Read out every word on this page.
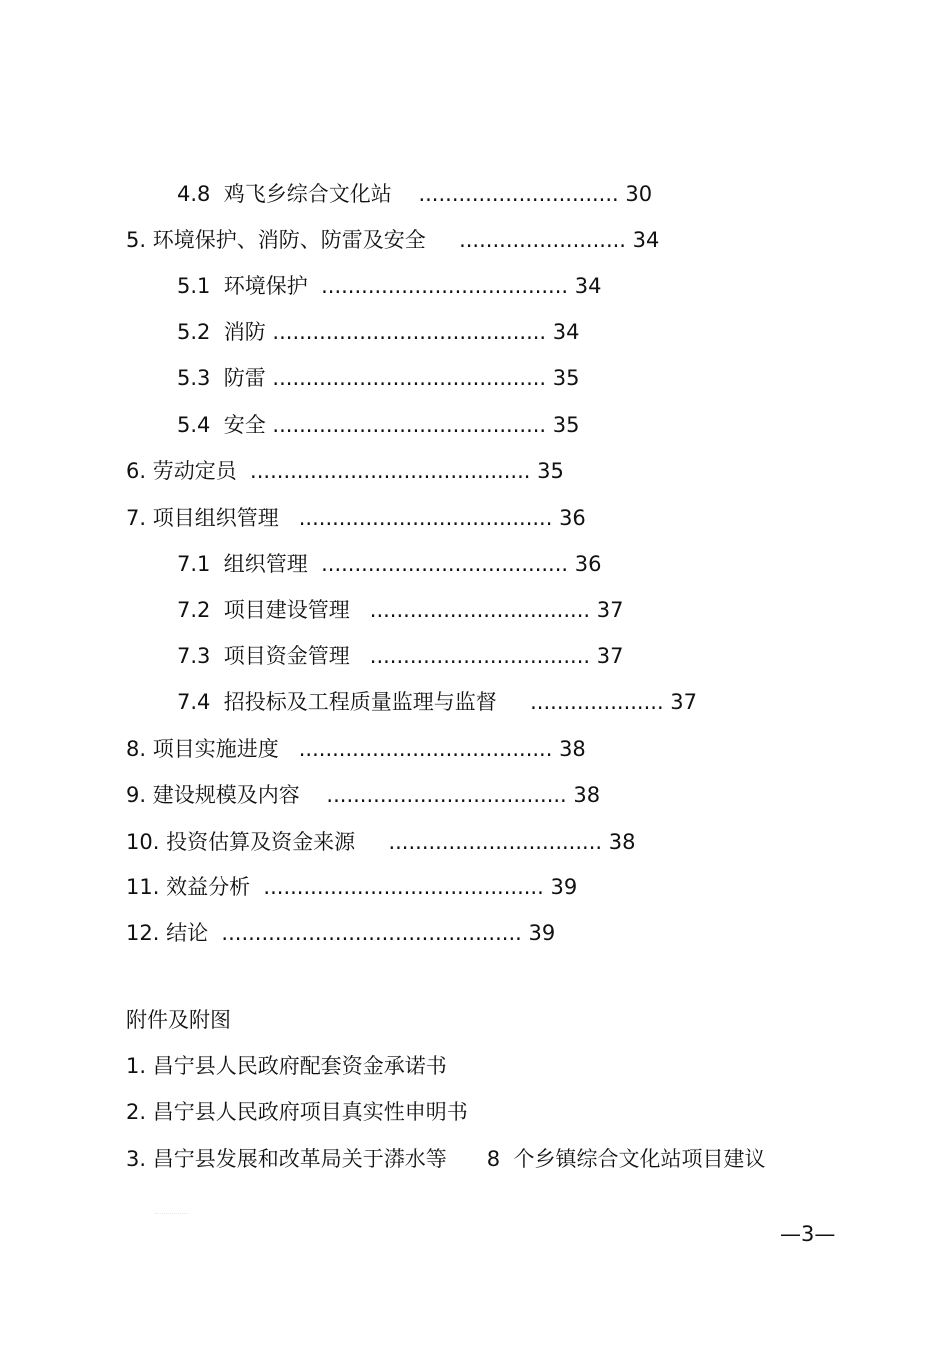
4.8  鸡飞乡综合文化站    .............................. 30
5. 环境保护、消防、防雷及安全     ......................... 34
5.1  环境保护  ..................................... 34
5.2  消防 ......................................... 34
5.3  防雷 ......................................... 35
5.4  安全 ......................................... 35
6. 劳动定员  .......................................... 35
7. 项目组织管理   ...................................... 36
7.1  组织管理  ..................................... 36
7.2  项目建设管理   ................................. 37
7.3  项目资金管理   ................................. 37
7.4  招投标及工程质量监理与监督     .................... 37
8. 项目实施进度   ...................................... 38
9. 建设规模及内容    .................................... 38
10. 投资估算及资金来源     ................................ 38
11. 效益分析  .......................................... 39
12. 结论  ............................................. 39
附件及附图
1. 昌宁县人民政府配套资金承诺书
2. 昌宁县人民政府项目真实性申明书
3. 昌宁县发展和改革局关于漭水等      8  个乡镇综合文化站项目建议
—3—
